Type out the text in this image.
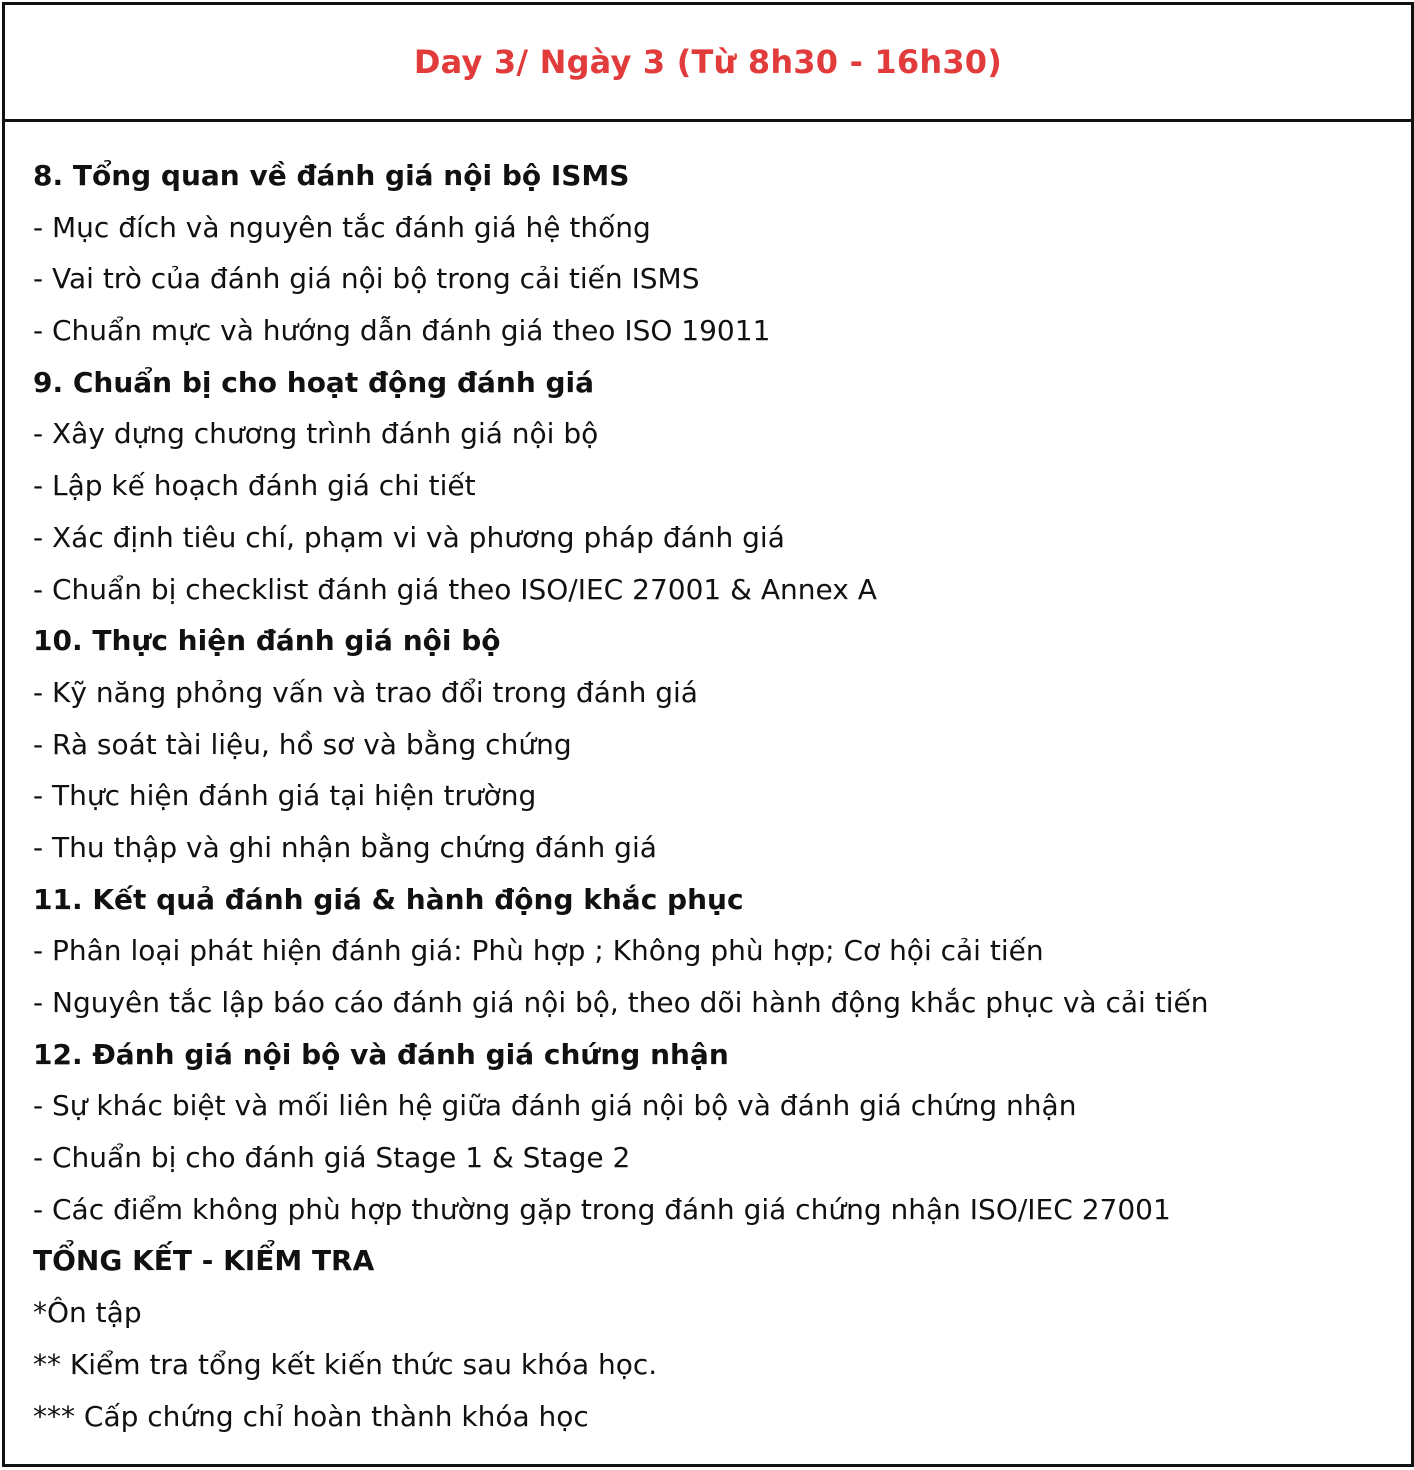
Day 3/ Ngày 3 (Từ 8h30 - 16h30)
8. Tổng quan về đánh giá nội bộ ISMS
- Mục đích và nguyên tắc đánh giá hệ thống
- Vai trò của đánh giá nội bộ trong cải tiến ISMS
- Chuẩn mực và hướng dẫn đánh giá theo ISO 19011
9. Chuẩn bị cho hoạt động đánh giá
- Xây dựng chương trình đánh giá nội bộ
- Lập kế hoạch đánh giá chi tiết
- Xác định tiêu chí, phạm vi và phương pháp đánh giá
- Chuẩn bị checklist đánh giá theo ISO/IEC 27001 & Annex A
10. Thực hiện đánh giá nội bộ
- Kỹ năng phỏng vấn và trao đổi trong đánh giá
- Rà soát tài liệu, hồ sơ và bằng chứng
- Thực hiện đánh giá tại hiện trường
- Thu thập và ghi nhận bằng chứng đánh giá
11. Kết quả đánh giá & hành động khắc phục
- Phân loại phát hiện đánh giá: Phù hợp ; Không phù hợp; Cơ hội cải tiến
- Nguyên tắc lập báo cáo đánh giá nội bộ, theo dõi hành động khắc phục và cải tiến
12. Đánh giá nội bộ và đánh giá chứng nhận
- Sự khác biệt và mối liên hệ giữa đánh giá nội bộ và đánh giá chứng nhận
- Chuẩn bị cho đánh giá Stage 1 & Stage 2
- Các điểm không phù hợp thường gặp trong đánh giá chứng nhận ISO/IEC 27001
TỔNG KẾT - KIỂM TRA
*Ôn tập
** Kiểm tra tổng kết kiến thức sau khóa học.
*** Cấp chứng chỉ hoàn thành khóa học
